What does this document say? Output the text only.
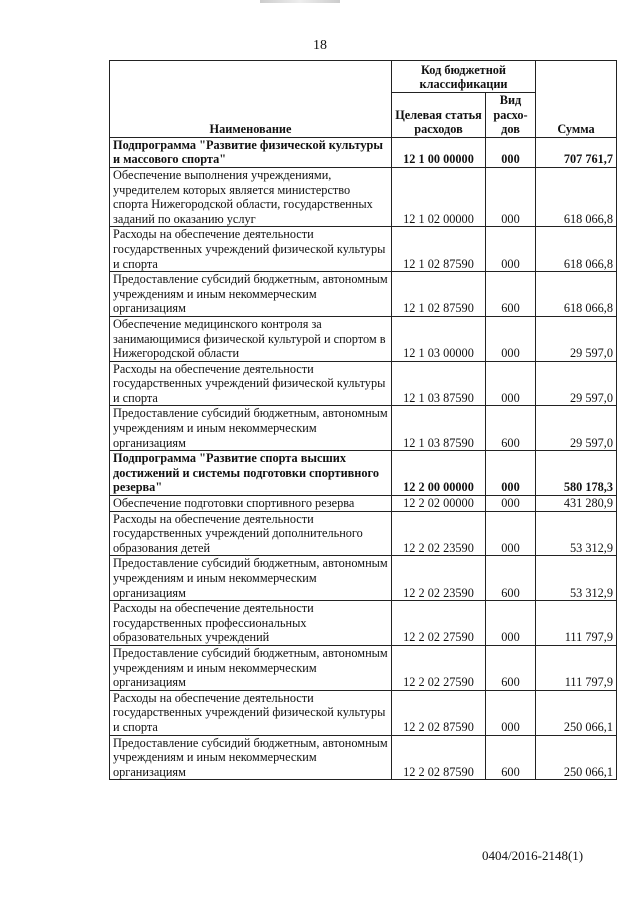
18
Наименование	Код бюджетной классификации		Сумма
	Целевая статья расходов	Вид расхо-дов	
Подпрограмма "Развитие физической культуры и массового спорта"	12 1 00 00000	000	707 761,7
Обеспечение выполнения учреждениями, учредителем которых является министерство спорта Нижегородской области, государственных заданий по оказанию услуг	12 1 02 00000	000	618 066,8
Расходы на обеспечение деятельности государственных учреждений физической культуры и спорта	12 1 02 87590	000	618 066,8
Предоставление субсидий бюджетным, автономным учреждениям и иным некоммерческим организациям	12 1 02 87590	600	618 066,8
Обеспечение медицинского контроля за занимающимися физической культурой и спортом в Нижегородской области	12 1 03 00000	000	29 597,0
Расходы на обеспечение деятельности государственных учреждений физической культуры и спорта	12 1 03 87590	000	29 597,0
Предоставление субсидий бюджетным, автономным учреждениям и иным некоммерческим организациям	12 1 03 87590	600	29 597,0
Подпрограмма "Развитие спорта высших достижений и системы подготовки спортивного резерва"	12 2 00 00000	000	580 178,3
Обеспечение подготовки спортивного резерва	12 2 02 00000	000	431 280,9
Расходы на обеспечение деятельности государственных учреждений дополнительного образования детей	12 2 02 23590	000	53 312,9
Предоставление субсидий бюджетным, автономным учреждениям и иным некоммерческим организациям	12 2 02 23590	600	53 312,9
Расходы на обеспечение деятельности государственных профессиональных образовательных учреждений	12 2 02 27590	000	111 797,9
Предоставление субсидий бюджетным, автономным учреждениям и иным некоммерческим организациям	12 2 02 27590	600	111 797,9
Расходы на обеспечение деятельности государственных учреждений физической культуры и спорта	12 2 02 87590	000	250 066,1
Предоставление субсидий бюджетным, автономным учреждениям и иным некоммерческим организациям	12 2 02 87590	600	250 066,1
0404/2016-2148(1)
